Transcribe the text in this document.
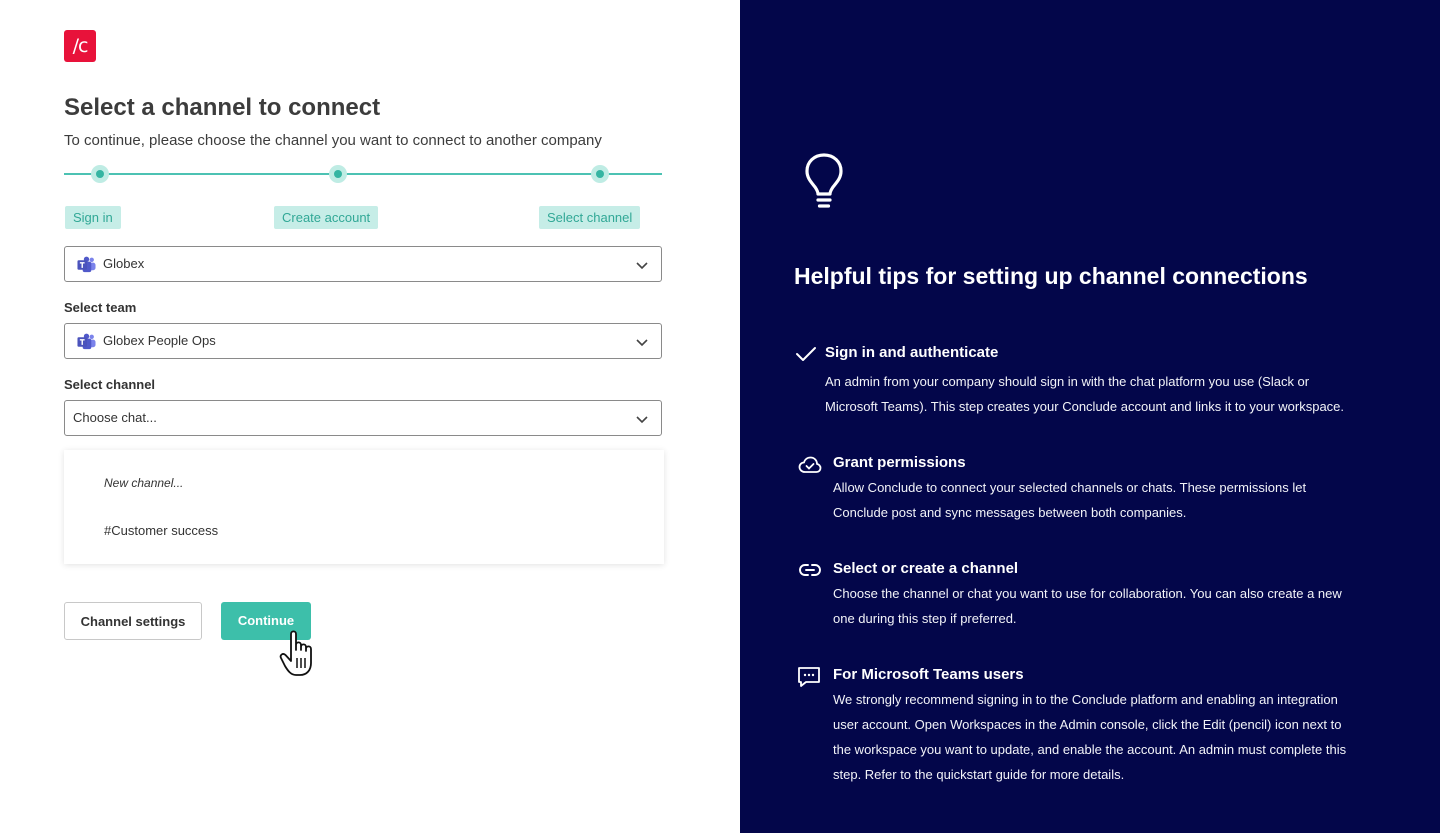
/c
Select a channel to connect

To continue, please choose the channel you want to connect to another company

Sign in	Create account	Select channel
Globex
Select team
Globex People Ops
Select channel
Choose chat...
New channel...
#Customer success
Channel settings	Continue
Helpful tips for setting up channel connections
Sign in and authenticate
An admin from your company should sign in with the chat platform you use (Slack or
Microsoft Teams). This step creates your Conclude account and links it to your workspace.
Grant permissions
Allow Conclude to connect your selected channels or chats. These permissions let
Conclude post and sync messages between both companies.
Select or create a channel
Choose the channel or chat you want to use for collaboration. You can also create a new
one during this step if preferred.
For Microsoft Teams users
We strongly recommend signing in to the Conclude platform and enabling an integration
user account. Open Workspaces in the Admin console, click the Edit (pencil) icon next to
the workspace you want to update, and enable the account. An admin must complete this
step. Refer to the quickstart guide for more details.
